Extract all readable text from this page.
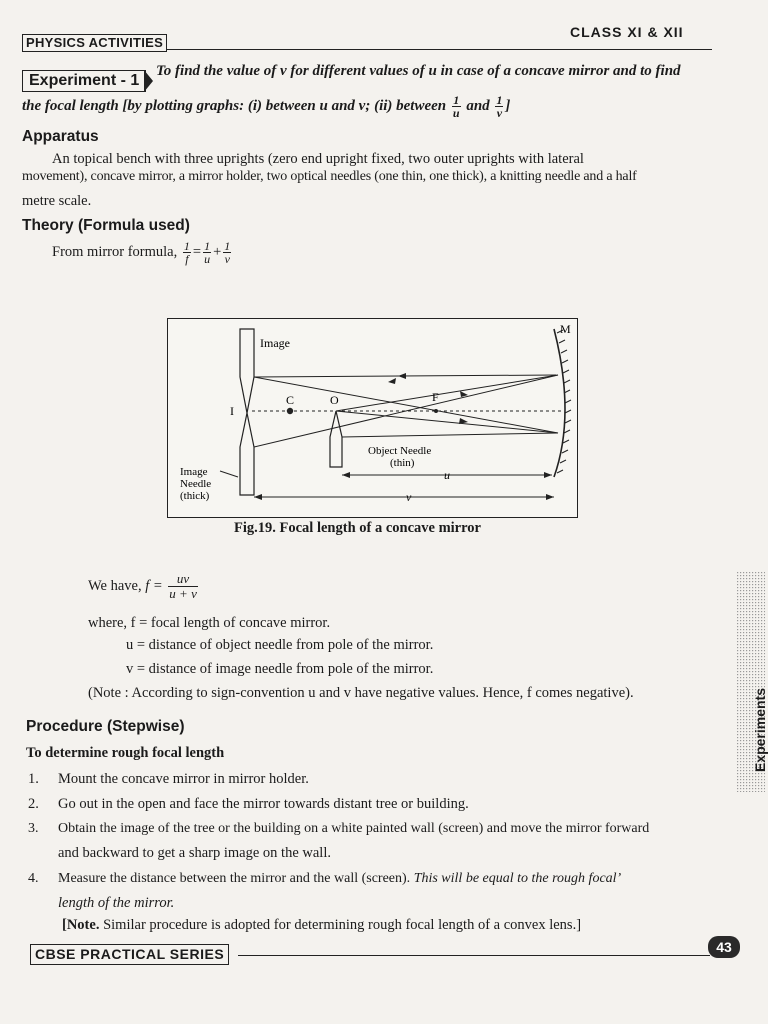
PHYSICS ACTIVITIES
CLASS XI & XII
Experiment - 1
To find the value of v for different values of u in case of a concave mirror and to find
the focal length [by plotting graphs: (i) between u and v; (ii) between $\frac{1}{u}$ and $\frac{1}{v}$ ]
Apparatus
An topical bench with three uprights (zero end upright fixed, two outer uprights with lateral
movement), concave mirror, a mirror holder, two optical needles (one thin, one thick), a knitting needle and a half
metre scale.
Theory (Formula used)
From mirror formula, $\frac{1}{f} = \frac{1}{u} + \frac{1}{v}$
Image
M
I
C	O	F
Object Needle
(thin)
u
v
Image
Needle
(thick)
Fig.19. Focal length of a concave mirror
We have, $f = \frac{uv}{u + v}$
where, f = focal length of concave mirror.
u = distance of object needle from pole of the mirror.
v = distance of image needle from pole of the mirror.
(Note : According to sign-convention u and v have negative values. Hence, f comes negative).
Procedure (Stepwise)
To determine rough focal length
1. Mount the concave mirror in mirror holder.
2. Go out in the open and face the mirror towards distant tree or building.
3. Obtain the image of the tree or the building on a white painted wall (screen) and move the mirror forward
and backward to get a sharp image on the wall.
4. Measure the distance between the mirror and the wall (screen). This will be equal to the rough focal’
length of the mirror.
[Note. Similar procedure is adopted for determining rough focal length of a convex lens.]
Experiments
CBSE PRACTICAL SERIES	43
